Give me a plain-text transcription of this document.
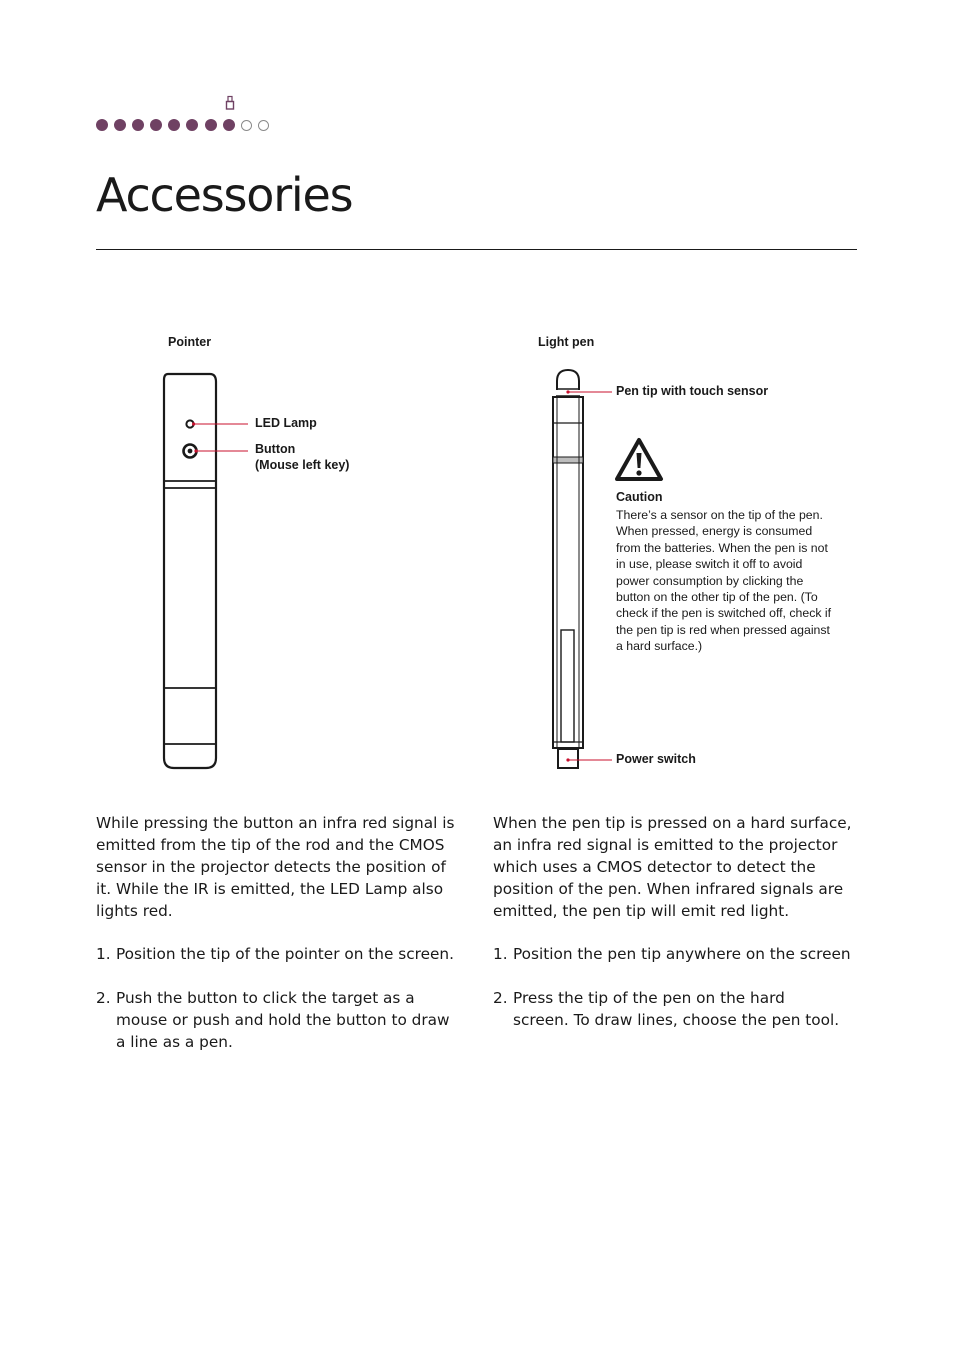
Accessories
Pointer
LED Lamp
Button
(Mouse left key)
Light pen
Pen tip with touch sensor
Power switch
Caution

There’s a sensor on the tip of the pen. When pressed, energy is consumed from the batteries. When the pen is not in use, please switch it off to avoid power consumption by clicking the button on the other tip of the pen. (To check if the pen is switched off, check if the pen tip is red when pressed against a hard surface.)

While pressing the button an infra red signal is emitted from the tip of the rod and the CMOS sensor in the projector detects the position of it. While the IR is emitted, the LED Lamp also lights red.

1. Position the tip of the pointer on the screen.
2. Push the button to click the target as a mouse or push and hold the button to draw a line as a pen.

When the pen tip is pressed on a hard surface, an infra red signal is emitted to the projector which uses a CMOS detector to detect the position of the pen. When infrared signals are emitted, the pen tip will emit red light.

1. Position the pen tip anywhere on the screen
2. Press the tip of the pen on the hard screen. To draw lines, choose the pen tool.
